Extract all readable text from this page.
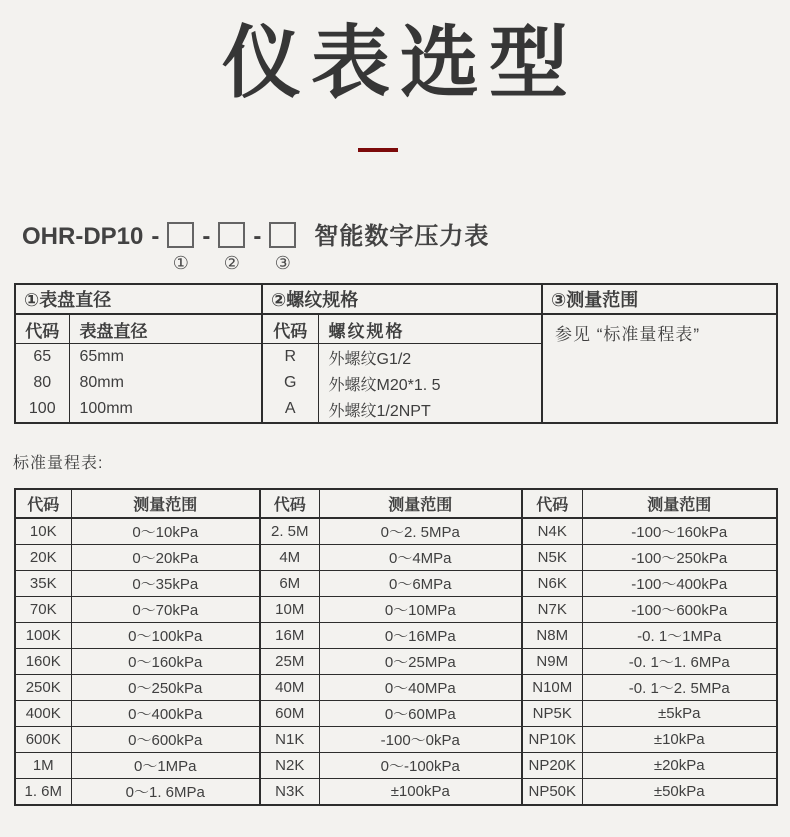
仪表选型
OHR-DP10 -
①
-
②
-
③
智能数字压力表
①表盘直径		②螺纹规格		③测量范围
代码	表盘直径	代码	螺纹规格	参见 “标准量程表”
65	65mm	R	外螺纹G1/2	
80	80mm	G	外螺纹M20*1. 5	
100	100mm	A	外螺纹1/2NPT	
标准量程表:
代码	测量范围	代码	测量范围	代码	测量范围
10K	0～10kPa	2. 5M	0～2. 5MPa	N4K	-100～160kPa
20K	0～20kPa	4M	0～4MPa	N5K	-100～250kPa
35K	0～35kPa	6M	0～6MPa	N6K	-100～400kPa
70K	0～70kPa	10M	0～10MPa	N7K	-100～600kPa
100K	0～100kPa	16M	0～16MPa	N8M	-0. 1～1MPa
160K	0～160kPa	25M	0～25MPa	N9M	-0. 1～1. 6MPa
250K	0～250kPa	40M	0～40MPa	N10M	-0. 1～2. 5MPa
400K	0～400kPa	60M	0～60MPa	NP5K	±5kPa
600K	0～600kPa	N1K	-100～0kPa	NP10K	±10kPa
1M	0～1MPa	N2K	0～-100kPa	NP20K	±20kPa
1. 6M	0～1. 6MPa	N3K	±100kPa	NP50K	±50kPa
